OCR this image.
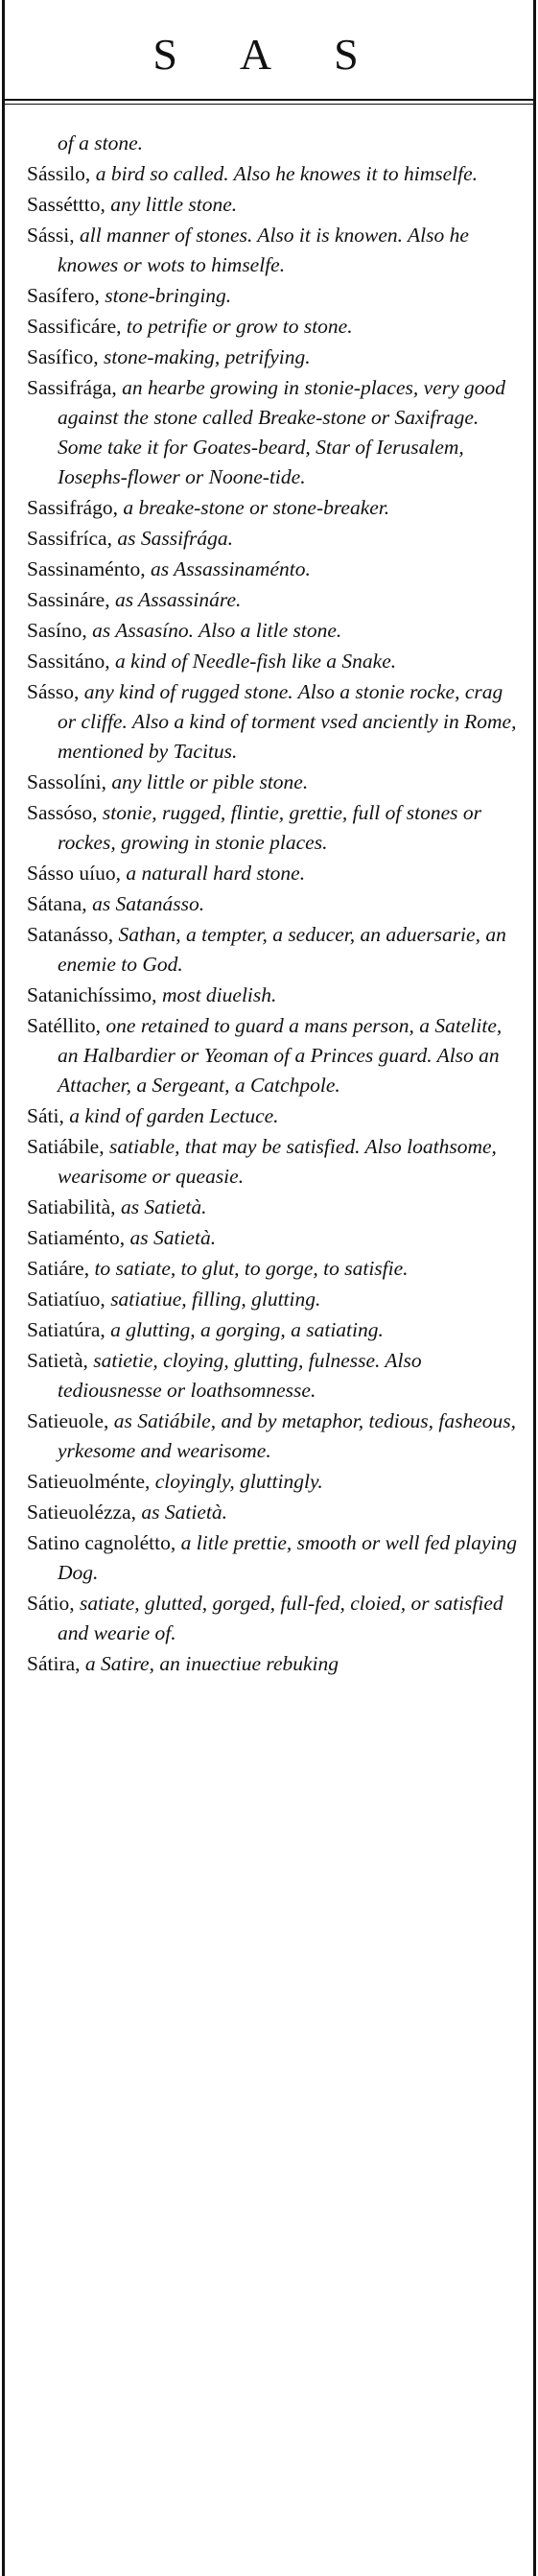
S A S
of a stone.
Sássilo, a bird so called. Also he knowes it to himselfe.
Sasséttto, any little stone.
Sássi, all manner of stones. Also it is knowen. Also he knowes or wots to himselfe.
Sasífero, stone-bringing.
Sassificáre, to petrifie or grow to stone.
Sasífico, stone-making, petrifying.
Sassifrága, an hearbe growing in stonie-places, very good against the stone called Breake-stone or Saxifrage. Some take it for Goates-beard, Star of Ierusalem, Iosephs-flower or Noone-tide.
Sassifrágo, a breake-stone or stone-breaker.
Sassifríca, as Sassifrága.
Sassinaménto, as Assassinaménto.
Sassináre, as Assassináre.
Sasíno, as Assasíno. Also a litle stone.
Sassitáno, a kind of Needle-fish like a Snake.
Sásso, any kind of rugged stone. Also a stonie rocke, crag or cliffe. Also a kind of torment vsed anciently in Rome, mentioned by Tacitus.
Sassolíni, any little or pible stone.
Sassóso, stonie, rugged, flintie, grettie, full of stones or rockes, growing in stonie places.
Sásso uíuo, a naturall hard stone.
Sátana, as Satanásso.
Satanásso, Sathan, a tempter, a seducer, an aduersarie, an enemie to God.
Satanichíssimo, most diuelish.
Satéllito, one retained to guard a mans person, a Satelite, an Halbardier or Yeoman of a Princes guard. Also an Attacher, a Sergeant, a Catchpole.
Sáti, a kind of garden Lectuce.
Satiábile, satiable, that may be satisfied. Also loathsome, wearisome or queasie.
Satiabilità, as Satietà.
Satiaménto, as Satietà.
Satiáre, to satiate, to glut, to gorge, to satisfie.
Satiatíuo, satiatiue, filling, glutting.
Satiatúra, a glutting, a gorging, a satiating.
Satietà, satietie, cloying, glutting, fulnesse. Also tediousnesse or loathsomnesse.
Satieuole, as Satiábile, and by metaphor, tedious, fasheous, yrkesome and wearisome.
Satieuolménte, cloyingly, gluttingly.
Satieuolézza, as Satietà.
Satino cagnolétto, a litle prettie, smooth or well fed playing Dog.
Sátio, satiate, glutted, gorged, full-fed, cloied, or satisfied and wearie of.
Sátira, a Satire, an inuectiue rebuking
